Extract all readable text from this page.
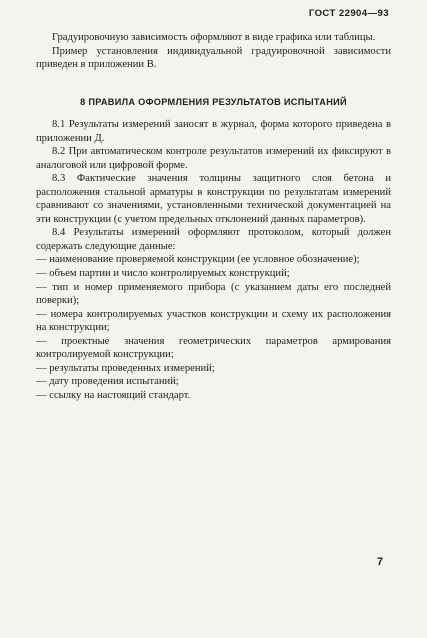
ГОСТ 22904—93

Градуировочную зависимость оформляют в виде графика или таблицы.

Пример установления индивидуальной градуировочной зависимости приведен в приложении В.

8 ПРАВИЛА ОФОРМЛЕНИЯ РЕЗУЛЬТАТОВ ИСПЫТАНИЙ

8.1 Результаты измерений заносят в журнал, форма которого приведена в приложении Д.

8.2 При автоматическом контроле результатов измерений их фиксируют в аналоговой или цифровой форме.

8.3 Фактические значения толщины защитного слоя бетона и расположения стальной арматуры в конструкции по результатам измерений сравнивают со значениями, установленными технической документацией на эти конструкции (с учетом предельных отклонений данных параметров).

8.4 Результаты измерений оформляют протоколом, который должен содержать следующие данные:

— наименование проверяемой конструкции (ее условное обозначение);

— объем партии и число контролируемых конструкций;

— тип и номер применяемого прибора (с указанием даты его последней поверки);

— номера контролируемых участков конструкции и схему их расположения на конструкции;

— проектные значения геометрических параметров армирования контролируемой конструкции;

— результаты проведенных измерений;

— дату проведения испытаний;

— ссылку на настоящий стандарт.

7
